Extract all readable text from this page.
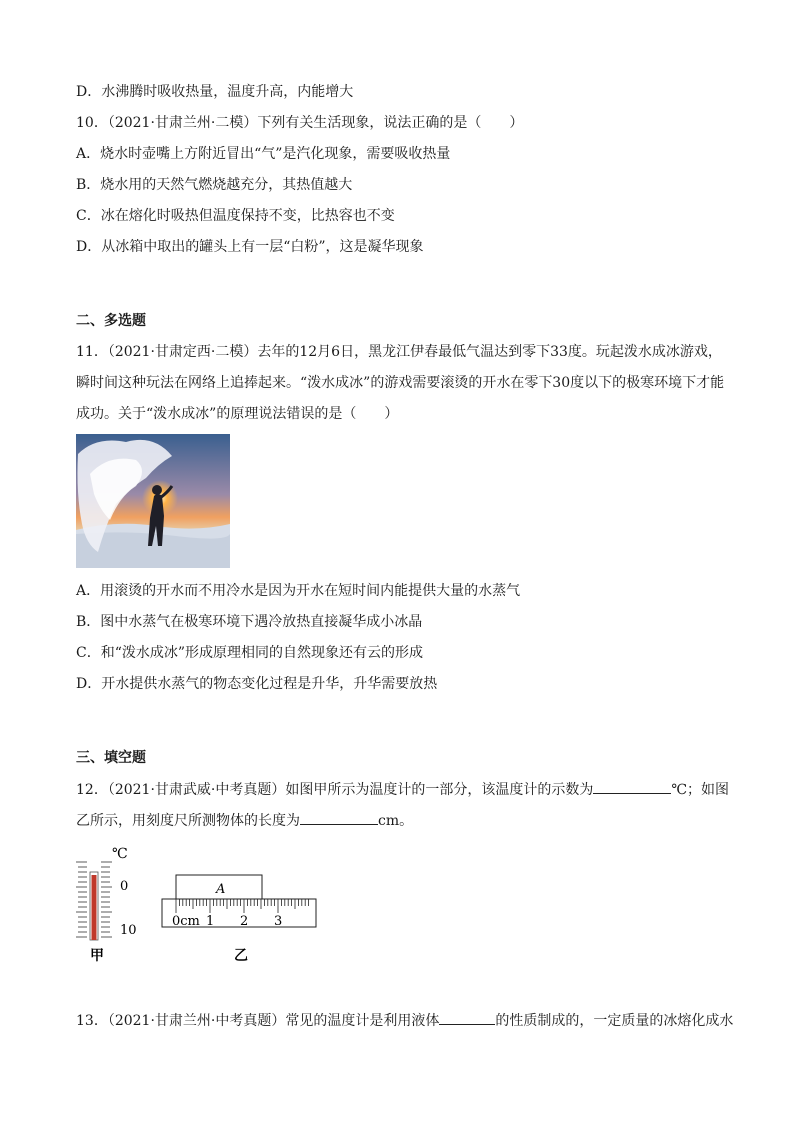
D．水沸腾时吸收热量，温度升高，内能增大
10．（2021·甘肃兰州·二模）下列有关生活现象，说法正确的是（　　）
A．烧水时壶嘴上方附近冒出“气”是汽化现象，需要吸收热量
B．烧水用的天然气燃烧越充分，其热值越大
C．冰在熔化时吸热但温度保持不变，比热容也不变
D．从冰箱中取出的罐头上有一层“白粉”，这是凝华现象
二、多选题
11．（2021·甘肃定西·二模）去年的12月6日，黑龙江伊春最低气温达到零下33度。玩起泼水成冰游戏，
瞬时间这种玩法在网络上追捧起来。“泼水成冰”的游戏需要滚烫的开水在零下30度以下的极寒环境下才能
成功。关于“泼水成冰”的原理说法错误的是（　　）
A．用滚烫的开水而不用冷水是因为开水在短时间内能提供大量的水蒸气
B．图中水蒸气在极寒环境下遇冷放热直接凝华成小冰晶
C．和“泼水成冰”形成原理相同的自然现象还有云的形成
D．开水提供水蒸气的物态变化过程是升华，升华需要放热
三、填空题
12．（2021·甘肃武威·中考真题）如图甲所示为温度计的一部分，该温度计的示数为	℃；如图
乙所示，用刻度尺所测物体的长度为	cm。
℃
0
10
甲
A
0cm 1 2 3
乙
13．（2021·甘肃兰州·中考真题）常见的温度计是利用液体	的性质制成的，一定质量的冰熔化成水
